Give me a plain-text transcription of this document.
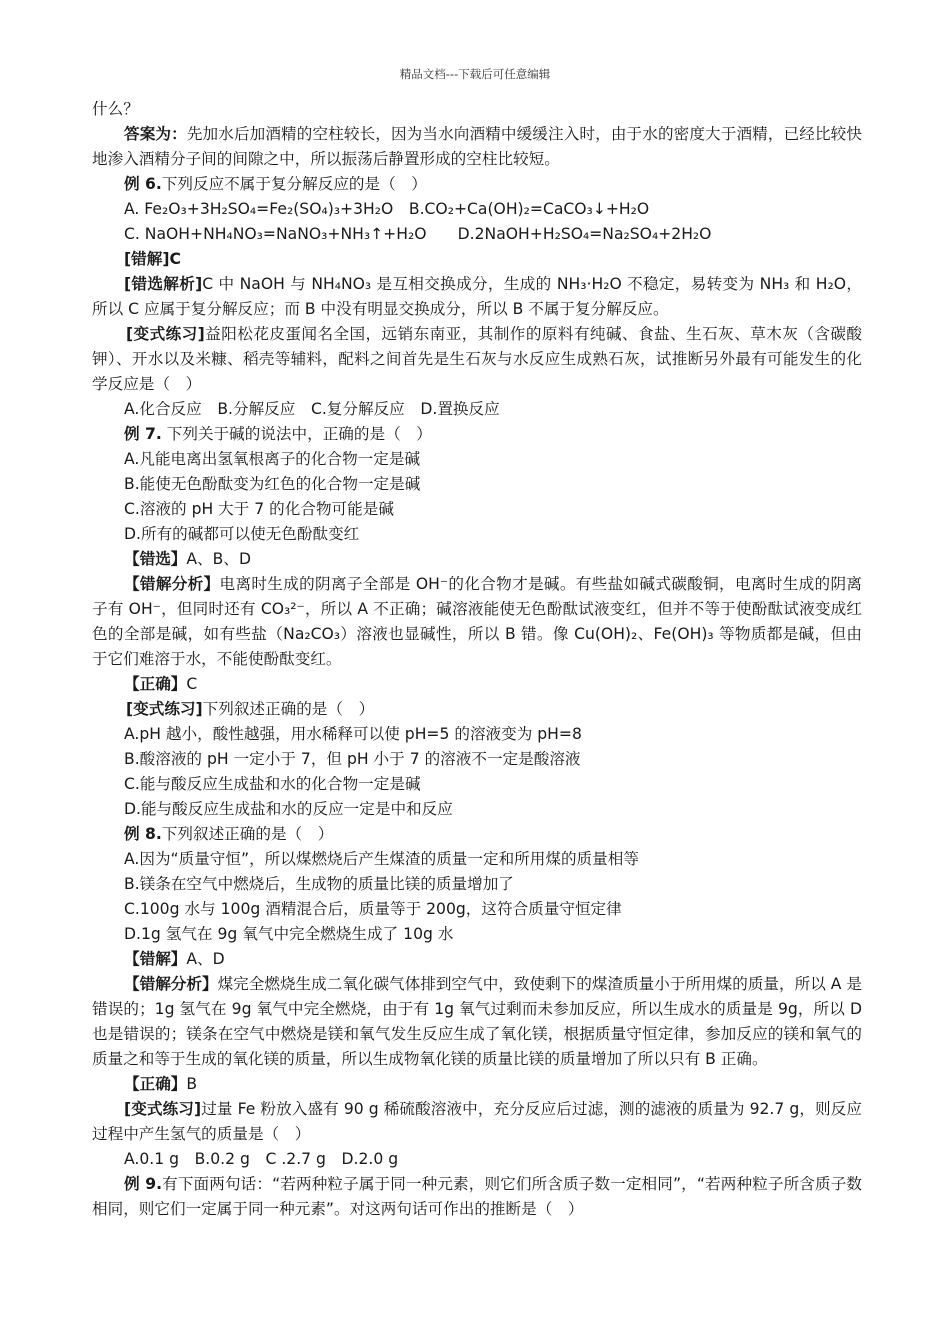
精品文档---下载后可任意编辑

什么？

答案为：先加水后加酒精的空柱较长，因为当水向酒精中缓缓注入时，由于水的密度大于酒精，已经比较快地渗入酒精分子间的间隙之中，所以振荡后静置形成的空柱比较短。

例 6.下列反应不属于复分解反应的是（　）

A. Fe₂O₃+3H₂SO₄=Fe₂(SO₄)₃+3H₂O　B.CO₂+Ca(OH)₂=CaCO₃↓+H₂O

C. NaOH+NH₄NO₃=NaNO₃+NH₃↑+H₂O　　D.2NaOH+H₂SO₄=Na₂SO₄+2H₂O

[错解]C

[错选解析]C 中 NaOH 与 NH₄NO₃ 是互相交换成分，生成的 NH₃·H₂O 不稳定，易转变为 NH₃ 和 H₂O，所以 C 应属于复分解反应；而 B 中没有明显交换成分，所以 B 不属于复分解反应。

[变式练习]益阳松花皮蛋闻名全国，远销东南亚，其制作的原料有纯碱、食盐、生石灰、草木灰（含碳酸钾）、开水以及米糠、稻壳等辅料，配料之间首先是生石灰与水反应生成熟石灰，试推断另外最有可能发生的化学反应是（　）

A.化合反应　B.分解反应　C.复分解反应　D.置换反应

例 7. 下列关于碱的说法中，正确的是（　）

A.凡能电离出氢氧根离子的化合物一定是碱

B.能使无色酚酞变为红色的化合物一定是碱

C.溶液的 pH 大于 7 的化合物可能是碱

D.所有的碱都可以使无色酚酞变红

【错选】A、B、D

【错解分析】电离时生成的阴离子全部是 OH⁻的化合物才是碱。有些盐如碱式碳酸铜，电离时生成的阴离子有 OH⁻，但同时还有 CO₃²⁻，所以 A 不正确；碱溶液能使无色酚酞试液变红，但并不等于使酚酞试液变成红色的全部是碱，如有些盐（Na₂CO₃）溶液也显碱性，所以 B 错。像 Cu(OH)₂、Fe(OH)₃ 等物质都是碱，但由于它们难溶于水，不能使酚酞变红。

【正确】C

[变式练习]下列叙述正确的是（　）

A.pH 越小，酸性越强，用水稀释可以使 pH=5 的溶液变为 pH=8

B.酸溶液的 pH 一定小于 7，但 pH 小于 7 的溶液不一定是酸溶液

C.能与酸反应生成盐和水的化合物一定是碱

D.能与酸反应生成盐和水的反应一定是中和反应

例 8.下列叙述正确的是（　）

A.因为“质量守恒”，所以煤燃烧后产生煤渣的质量一定和所用煤的质量相等

B.镁条在空气中燃烧后，生成物的质量比镁的质量增加了

C.100g 水与 100g 酒精混合后，质量等于 200g，这符合质量守恒定律

D.1g 氢气在 9g 氧气中完全燃烧生成了 10g 水

【错解】A、D

【错解分析】煤完全燃烧生成二氧化碳气体排到空气中，致使剩下的煤渣质量小于所用煤的质量，所以 A 是错误的；1g 氢气在 9g 氧气中完全燃烧，由于有 1g 氧气过剩而未参加反应，所以生成水的质量是 9g，所以 D 也是错误的；镁条在空气中燃烧是镁和氧气发生反应生成了氧化镁，根据质量守恒定律，参加反应的镁和氧气的质量之和等于生成的氧化镁的质量，所以生成物氧化镁的质量比镁的质量增加了所以只有 B 正确。

【正确】B

[变式练习]过量 Fe 粉放入盛有 90 g 稀硫酸溶液中，充分反应后过滤，测的滤液的质量为 92.7 g，则反应过程中产生氢气的质量是（　）

A.0.1 g　B.0.2 g　C .2.7 g　D.2.0 g

例 9.有下面两句话：“若两种粒子属于同一种元素，则它们所含质子数一定相同”，“若两种粒子所含质子数相同，则它们一定属于同一种元素”。对这两句话可作出的推断是（　）
